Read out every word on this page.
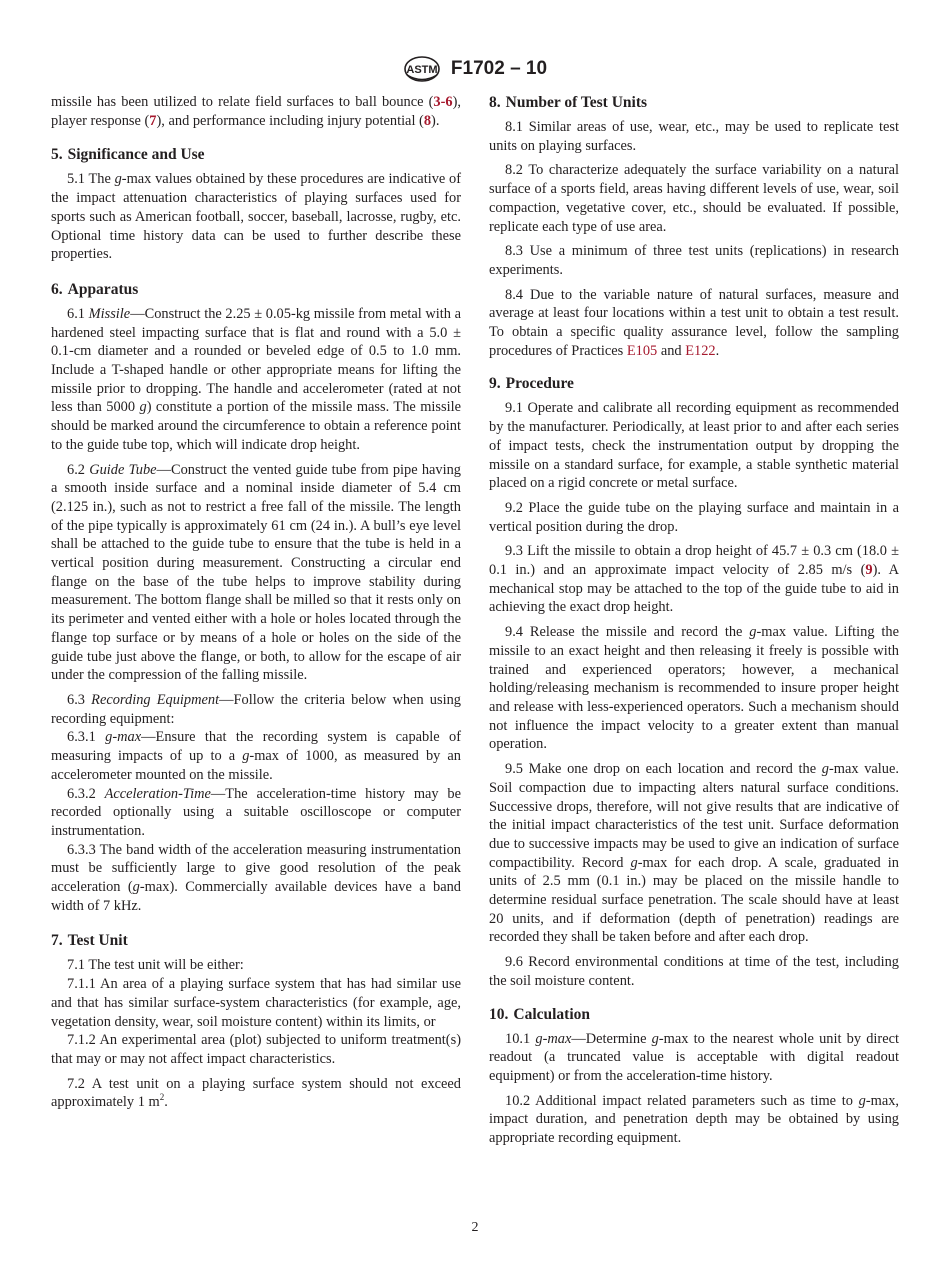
ASTM F1702 – 10

missile has been utilized to relate field surfaces to ball bounce (3-6), player response (7), and performance including injury potential (8).

5. Significance and Use

5.1 The g-max values obtained by these procedures are indicative of the impact attenuation characteristics of playing surfaces used for sports such as American football, soccer, baseball, lacrosse, rugby, etc. Optional time history data can be used to further describe these properties.

6. Apparatus

6.1 Missile—Construct the 2.25 ± 0.05-kg missile from metal with a hardened steel impacting surface that is flat and round with a 5.0 ± 0.1-cm diameter and a rounded or beveled edge of 0.5 to 1.0 mm. Include a T-shaped handle or other appropriate means for lifting the missile prior to dropping. The handle and accelerometer (rated at not less than 5000 g) constitute a portion of the missile mass. The missile should be marked around the circumference to obtain a reference point to the guide tube top, which will indicate drop height.

6.2 Guide Tube—Construct the vented guide tube from pipe having a smooth inside surface and a nominal inside diameter of 5.4 cm (2.125 in.), such as not to restrict a free fall of the missile. The length of the pipe typically is approximately 61 cm (24 in.). A bull’s eye level shall be attached to the guide tube to ensure that the tube is held in a vertical position during measurement. Constructing a circular end flange on the base of the tube helps to improve stability during measurement. The bottom flange shall be milled so that it rests only on its perimeter and vented either with a hole or holes located through the flange top surface or by means of a hole or holes on the side of the guide tube just above the flange, or both, to allow for the escape of air under the compression of the falling missile.

6.3 Recording Equipment—Follow the criteria below when using recording equipment:

6.3.1 g-max—Ensure that the recording system is capable of measuring impacts of up to a g-max of 1000, as measured by an accelerometer mounted on the missile.

6.3.2 Acceleration-Time—The acceleration-time history may be recorded optionally using a suitable oscilloscope or computer instrumentation.

6.3.3 The band width of the acceleration measuring instrumentation must be sufficiently large to give good resolution of the peak acceleration (g-max). Commercially available devices have a band width of 7 kHz.

7. Test Unit

7.1 The test unit will be either:

7.1.1 An area of a playing surface system that has had similar use and that has similar surface-system characteristics (for example, age, vegetation density, wear, soil moisture content) within its limits, or

7.1.2 An experimental area (plot) subjected to uniform treatment(s) that may or may not affect impact characteristics.

7.2 A test unit on a playing surface system should not exceed approximately 1 $m^2$.

8. Number of Test Units

8.1 Similar areas of use, wear, etc., may be used to replicate test units on playing surfaces.

8.2 To characterize adequately the surface variability on a natural surface of a sports field, areas having different levels of use, wear, soil compaction, vegetative cover, etc., should be evaluated. If possible, replicate each type of use area.

8.3 Use a minimum of three test units (replications) in research experiments.

8.4 Due to the variable nature of natural surfaces, measure and average at least four locations within a test unit to obtain a test result. To obtain a specific quality assurance level, follow the sampling procedures of Practices E105 and E122.

9. Procedure

9.1 Operate and calibrate all recording equipment as recommended by the manufacturer. Periodically, at least prior to and after each series of impact tests, check the instrumentation output by dropping the missile on a standard surface, for example, a stable synthetic material placed on a rigid concrete or metal surface.

9.2 Place the guide tube on the playing surface and maintain in a vertical position during the drop.

9.3 Lift the missile to obtain a drop height of 45.7 ± 0.3 cm (18.0 ± 0.1 in.) and an approximate impact velocity of 2.85 m/s (9). A mechanical stop may be attached to the top of the guide tube to aid in achieving the exact drop height.

9.4 Release the missile and record the g-max value. Lifting the missile to an exact height and then releasing it freely is possible with trained and experienced operators; however, a mechanical holding/releasing mechanism is recommended to insure proper height and release with less-experienced operators. Such a mechanism should not influence the impact velocity to a greater extent than manual operation.

9.5 Make one drop on each location and record the g-max value. Soil compaction due to impacting alters natural surface conditions. Successive drops, therefore, will not give results that are indicative of the initial impact characteristics of the test unit. Surface deformation due to successive impacts may be used to give an indication of surface compactibility. Record g-max for each drop. A scale, graduated in units of 2.5 mm (0.1 in.) may be placed on the missile handle to determine residual surface penetration. The scale should have at least 20 units, and if deformation (depth of penetration) readings are recorded they shall be taken before and after each drop.

9.6 Record environmental conditions at time of the test, including the soil moisture content.

10. Calculation

10.1 g-max—Determine g-max to the nearest whole unit by direct readout (a truncated value is acceptable with digital readout equipment) or from the acceleration-time history.

10.2 Additional impact related parameters such as time to g-max, impact duration, and penetration depth may be obtained by using appropriate recording equipment.

2
